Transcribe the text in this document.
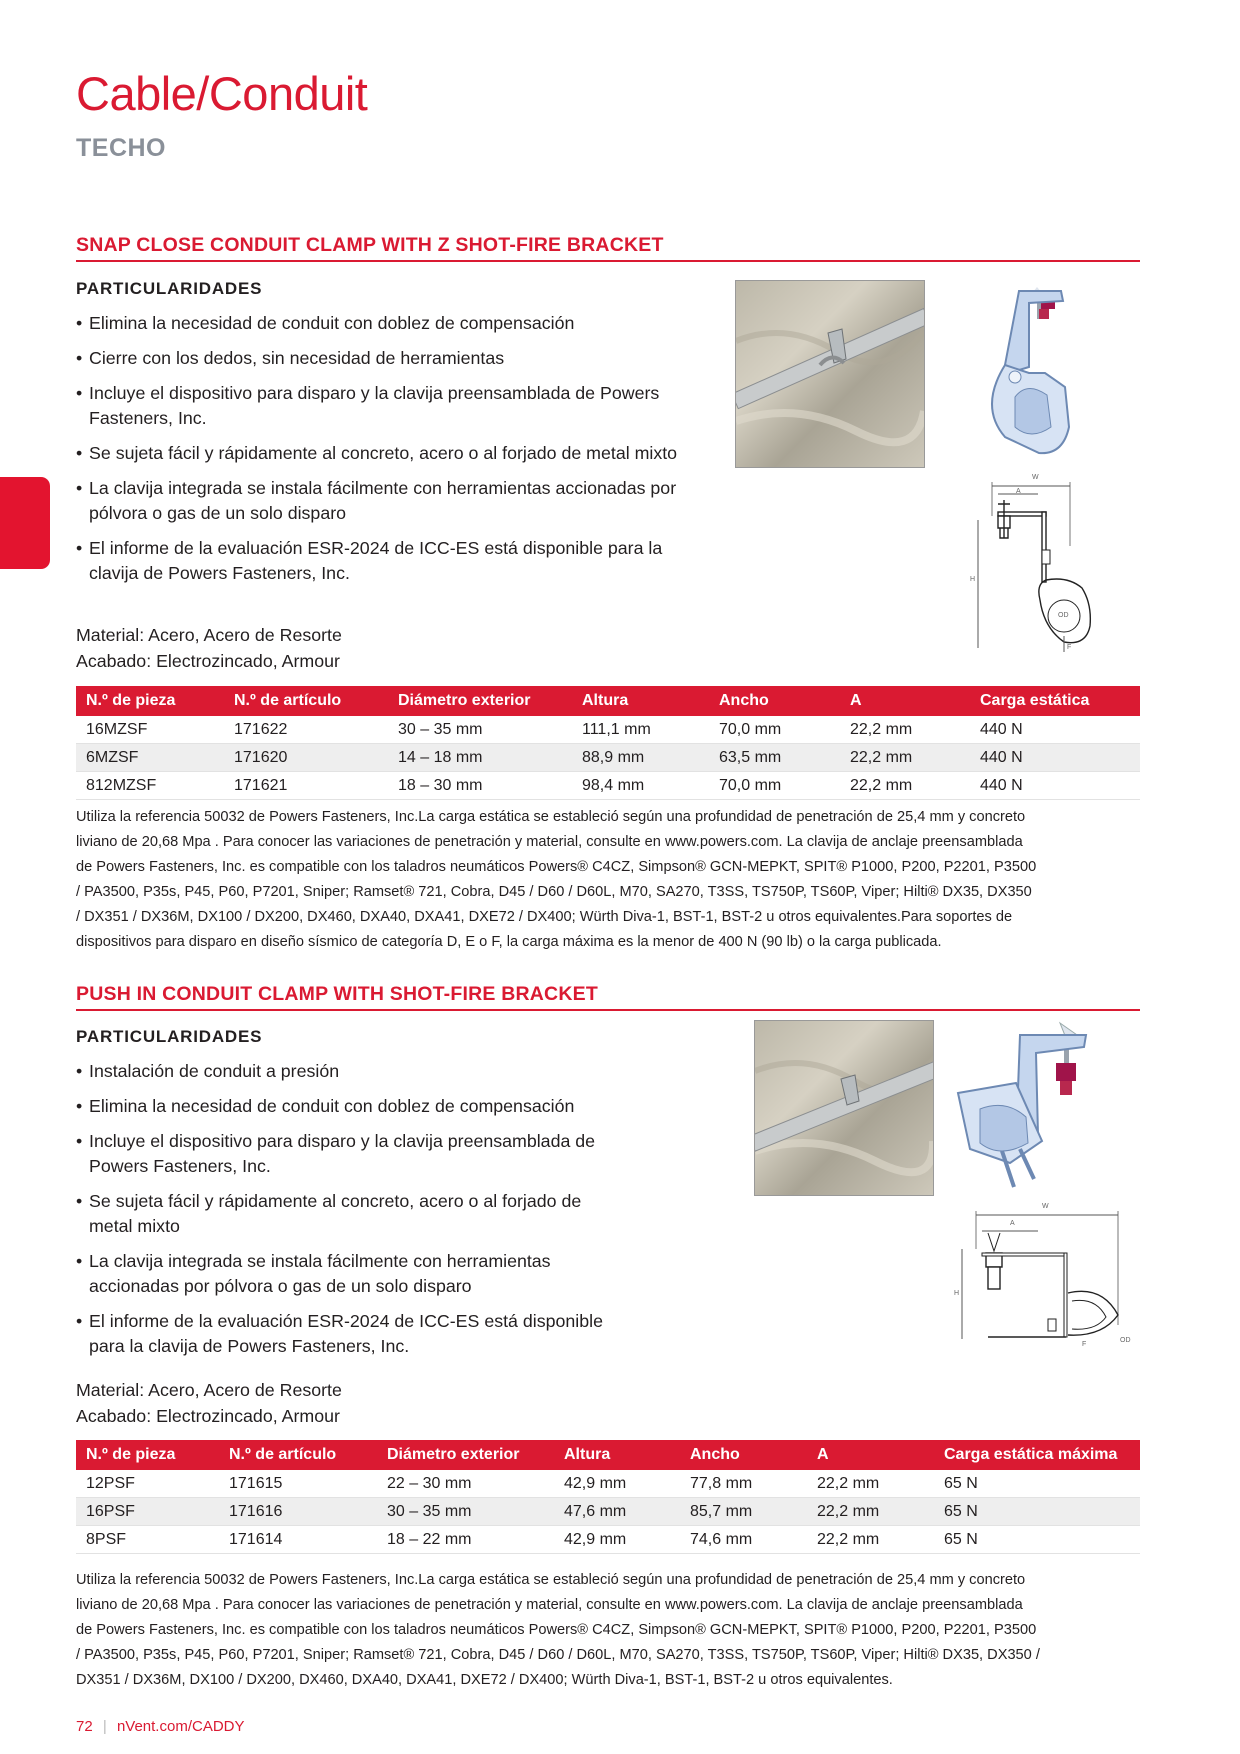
Cable/Conduit
TECHO
SNAP CLOSE CONDUIT CLAMP WITH Z SHOT-FIRE BRACKET
PARTICULARIDADES
• Elimina la necesidad de conduit con doblez de compensación
• Cierre con los dedos, sin necesidad de herramientas
• Incluye el dispositivo para disparo y la clavija preensamblada de Powers Fasteners, Inc.
• Se sujeta fácil y rápidamente al concreto, acero o al forjado de metal mixto
• La clavija integrada se instala fácilmente con herramientas accionadas por pólvora o gas de un solo disparo
• El informe de la evaluación ESR-2024 de ICC-ES está disponible para la clavija de Powers Fasteners, Inc.
Material: Acero, Acero de Resorte
Acabado: Electrozincado, Armour
W
A
H
OD
F
N.º de pieza	N.º de artículo	Diámetro exterior	Altura	Ancho	A	Carga estática
16MZSF	171622	30 – 35 mm	111,1 mm	70,0 mm	22,2 mm	440 N
6MZSF	171620	14 – 18 mm	88,9 mm	63,5 mm	22,2 mm	440 N
812MZSF	171621	18 – 30 mm	98,4 mm	70,0 mm	22,2 mm	440 N
Utiliza la referencia 50032 de Powers Fasteners, Inc.La carga estática se estableció según una profundidad de penetración de 25,4 mm y concreto
liviano de 20,68 Mpa . Para conocer las variaciones de penetración y material, consulte en www.powers.com. La clavija de anclaje preensamblada
de Powers Fasteners, Inc. es compatible con los taladros neumáticos Powers® C4CZ, Simpson® GCN-MEPKT, SPIT® P1000, P200, P2201, P3500
/ PA3500, P35s, P45, P60, P7201, Sniper; Ramset® 721, Cobra, D45 / D60 / D60L, M70, SA270, T3SS, TS750P, TS60P, Viper; Hilti® DX35, DX350
/ DX351 / DX36M, DX100 / DX200, DX460, DXA40, DXA41, DXE72 / DX400; Würth Diva-1, BST-1, BST-2 u otros equivalentes.Para soportes de
dispositivos para disparo en diseño sísmico de categoría D, E o F, la carga máxima es la menor de 400 N (90 lb) o la carga publicada.
PUSH IN CONDUIT CLAMP WITH SHOT-FIRE BRACKET
PARTICULARIDADES
• Instalación de conduit a presión
• Elimina la necesidad de conduit con doblez de compensación
• Incluye el dispositivo para disparo y la clavija preensamblada de Powers Fasteners, Inc.
• Se sujeta fácil y rápidamente al concreto, acero o al forjado de metal mixto
• La clavija integrada se instala fácilmente con herramientas accionadas por pólvora o gas de un solo disparo
• El informe de la evaluación ESR-2024 de ICC-ES está disponible para la clavija de Powers Fasteners, Inc.
Material: Acero, Acero de Resorte
Acabado: Electrozincado, Armour
W
A
H
OD
F
N.º de pieza	N.º de artículo	Diámetro exterior	Altura	Ancho	A	Carga estática máxima
12PSF	171615	22 – 30 mm	42,9 mm	77,8 mm	22,2 mm	65 N
16PSF	171616	30 – 35 mm	47,6 mm	85,7 mm	22,2 mm	65 N
8PSF	171614	18 – 22 mm	42,9 mm	74,6 mm	22,2 mm	65 N
Utiliza la referencia 50032 de Powers Fasteners, Inc.La carga estática se estableció según una profundidad de penetración de 25,4 mm y concreto
liviano de 20,68 Mpa . Para conocer las variaciones de penetración y material, consulte en www.powers.com. La clavija de anclaje preensamblada
de Powers Fasteners, Inc. es compatible con los taladros neumáticos Powers® C4CZ, Simpson® GCN-MEPKT, SPIT® P1000, P200, P2201, P3500
/ PA3500, P35s, P45, P60, P7201, Sniper; Ramset® 721, Cobra, D45 / D60 / D60L, M70, SA270, T3SS, TS750P, TS60P, Viper; Hilti® DX35, DX350 /
DX351 / DX36M, DX100 / DX200, DX460, DXA40, DXA41, DXE72 / DX400; Würth Diva-1, BST-1, BST-2 u otros equivalentes.
72 | nVent.com/CADDY
